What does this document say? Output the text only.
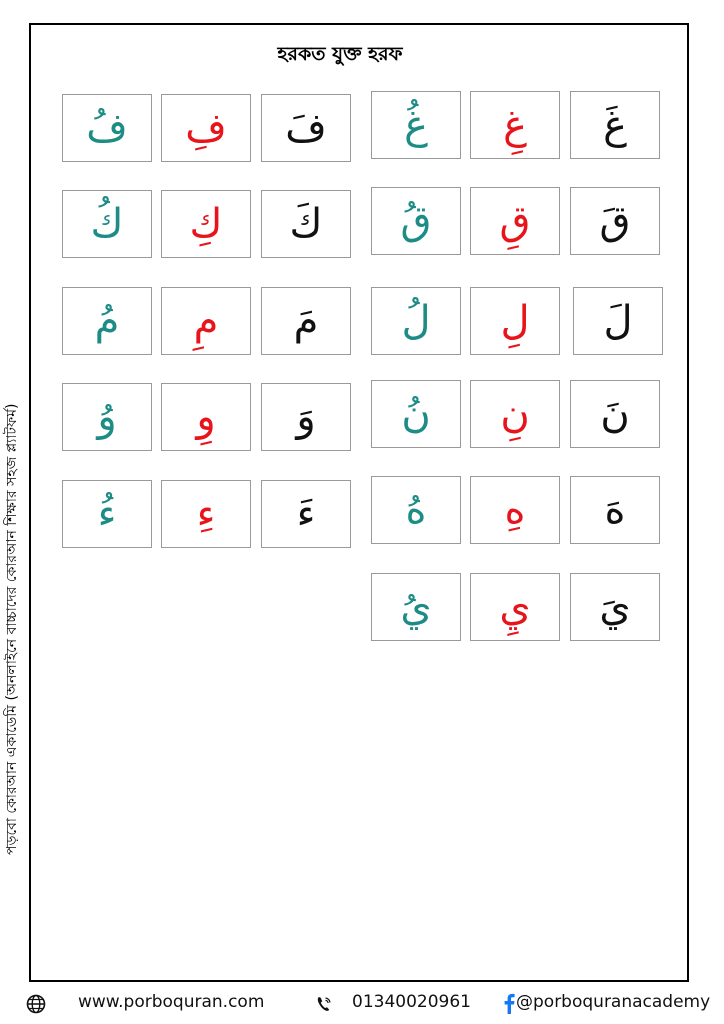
হরকত যুক্ত হরফ
পড়বো কোরআন একাডেমি (অনলাইনে বাচ্চাদের কোরআন শিক্ষার সহজ প্ল্যাটফর্ম)
فُ فِ فَ
كُ كِ كَ
مُ مِ مَ
وُ وِ وَ
ءُ ءِ ءَ
غُ غِ غَ
قُ قِ قَ
لُ لِ لَ
نُ نِ نَ
هُ هِ هَ
يُ يِ يَ
www.porboquran.com	01340020961	@porboquranacademy
